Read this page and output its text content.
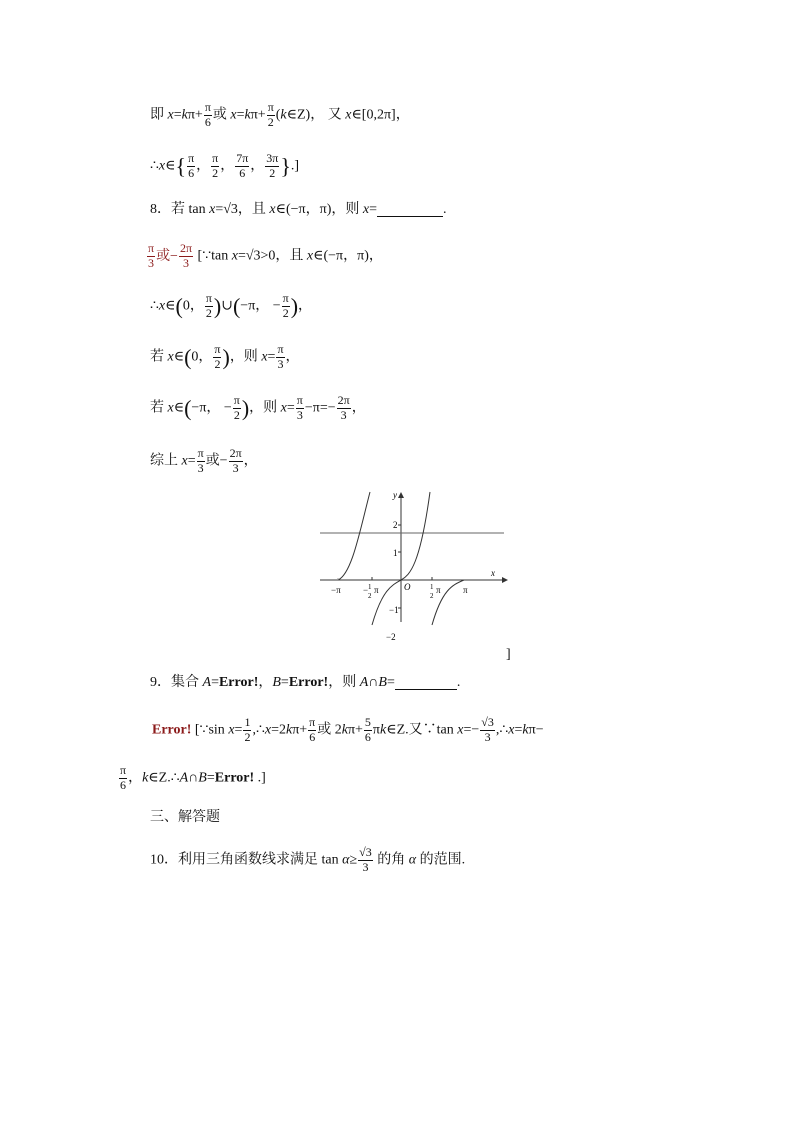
即 $x=k\pi+ \frac{\pi}{6}$ 或 $x=k\pi+ \frac{\pi}{2}$ (k∈Z)， 又 x∈[0,2π]，
∴x∈{ $\frac{\pi}{6}$ ， $\frac{\pi}{2}$ ， $\frac{7\pi}{6}$ ， $\frac{3\pi}{2}$ }.]
8．若 tan x=√3，且 x∈(−π，π)，则 x=	.
$\frac{\pi}{3}$ 或− $\frac{2\pi}{3}$ [∵tan x=√3>0，且 x∈(−π，π)，
∴x∈(0， $\frac{\pi}{2}$ )∪(−π， − $\frac{\pi}{2}$ )，
若 x∈(0， $\frac{\pi}{2}$ )，则 $x= \frac{\pi}{3}$ ，
若 x∈(−π， − $\frac{\pi}{2}$ )，则 $x= \frac{\pi}{3} -\pi=- \frac{2\pi}{3}$ ，
综上 $x= \frac{\pi}{3}$ 或− $\frac{2\pi}{3}$ ，
y
x
2
1
−1
−2
O
−π − 1
2
π	1
2
π π
]
9．集合 A=Error!，B=Error!，则 A∩B=	.
Error! [∵sin $x= \frac{1}{2}$ ,∴x=2kπ+ $\frac{\pi}{6}$ 或 $2k\pi+ \frac{5}{6}$ πk∈Z.又∵tan $x=- \frac{√3}{3}$ ,∴x=kπ−
$\frac{\pi}{6}$ ，k∈Z.∴A∩B=Error! .]
三、解答题
10．利用三角函数线求满足 $\tan \alpha\ge \frac{√3}{3}$ 的角 α 的范围.
